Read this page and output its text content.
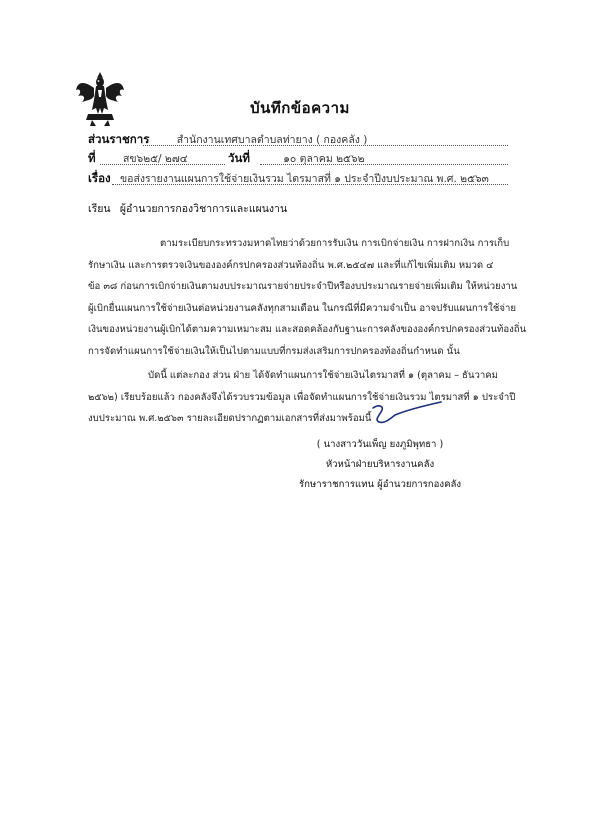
บันทึกข้อความ
ส่วนราชการ	สำนักงานเทศบาลตำบลท่ายาง ( กองคลัง )
ที่	สข๖๒๕/ ๒๗๔	วันที่	๑๐ ตุลาคม ๒๕๖๒
เรื่อง ขอส่งรายงานแผนการใช้จ่ายเงินรวม ไตรมาสที่ ๑ ประจำปีงบประมาณ พ.ศ. ๒๕๖๓
เรียน ผู้อำนวยการกองวิชาการและแผนงาน
ตามระเบียบกระทรวงมหาดไทยว่าด้วยการรับเงิน การเบิกจ่ายเงิน การฝากเงิน การเก็บ
รักษาเงิน และการตรวจเงินขององค์กรปกครองส่วนท้องถิ่น พ.ศ.๒๕๔๗ และที่แก้ไขเพิ่มเติม หมวด ๔
ข้อ ๓๘ ก่อนการเบิกจ่ายเงินตามงบประมาณรายจ่ายประจำปีหรืองบประมาณรายจ่ายเพิ่มเติม ให้หน่วยงาน
ผู้เบิกยื่นแผนการใช้จ่ายเงินต่อหน่วยงานคลังทุกสามเดือน ในกรณีที่มีความจำเป็น อาจปรับแผนการใช้จ่าย
เงินของหน่วยงานผู้เบิกได้ตามความเหมาะสม และสอดคล้องกับฐานะการคลังขององค์กรปกครองส่วนท้องถิ่น
การจัดทำแผนการใช้จ่ายเงินให้เป็นไปตามแบบที่กรมส่งเสริมการปกครองท้องถิ่นกำหนด นั้น
บัดนี้ แต่ละกอง ส่วน ฝ่าย ได้จัดทำแผนการใช้จ่ายเงินไตรมาสที่ ๑ (ตุลาคม – ธันวาคม
๒๕๖๒) เรียบร้อยแล้ว กองคลังจึงได้รวบรวมข้อมูล เพื่อจัดทำแผนการใช้จ่ายเงินรวม ไตรมาสที่ ๑ ประจำปี
งบประมาณ พ.ศ.๒๕๖๓ รายละเอียดปรากฏตามเอกสารที่ส่งมาพร้อมนี้
( นางสาววันเพ็ญ ยงภูมิพุทธา )
หัวหน้าฝ่ายบริหารงานคลัง
รักษาราชการแทน ผู้อำนวยการกองคลัง
